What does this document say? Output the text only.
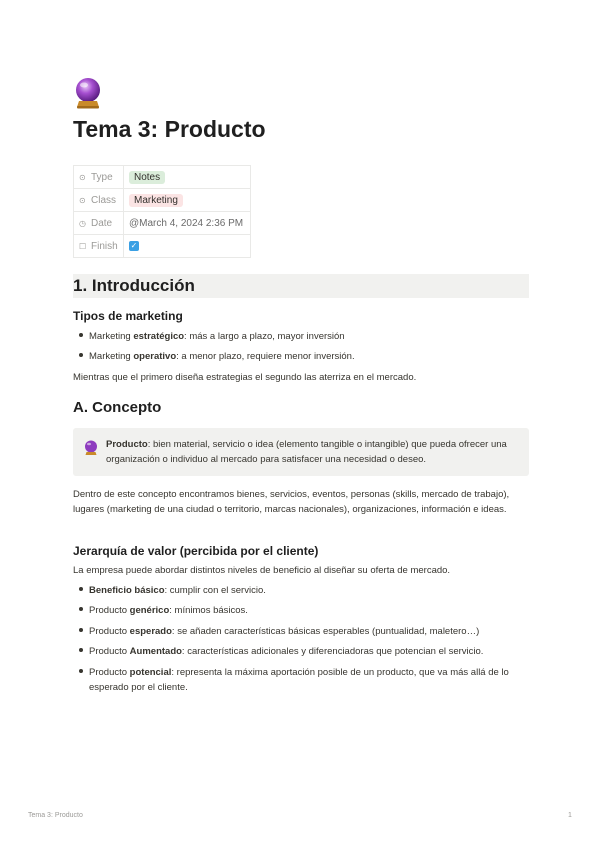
Tema 3: Producto
⊙ Type	Notes
⊙ Class	Marketing
◷ Date	@March 4, 2024 2:36 PM
☐ Finish	✓
1. Introducción
Tipos de marketing

Marketing estratégico: más a largo a plazo, mayor inversión

Marketing operativo: a menor plazo, requiere menor inversión.

Mientras que el primero diseña estrategias el segundo las aterriza en el mercado.

A. Concepto
Producto: bien material, servicio o idea (elemento tangible o intangible) que pueda ofrecer una organización o individuo al mercado para satisfacer una necesidad o deseo.

Dentro de este concepto encontramos bienes, servicios, eventos, personas (skills, mercado de trabajo), lugares (marketing de una ciudad o territorio, marcas nacionales), organizaciones, información e ideas.

Jerarquía de valor (percibida por el cliente)

La empresa puede abordar distintos niveles de beneficio al diseñar su oferta de mercado.

Beneficio básico: cumplir con el servicio.

Producto genérico: mínimos básicos.

Producto esperado: se añaden características básicas esperables (puntualidad, maletero…)

Producto Aumentado: características adicionales y diferenciadoras que potencian el servicio.

Producto potencial: representa la máxima aportación posible de un producto, que va más allá de lo esperado por el cliente.

Tema 3: Producto	1
